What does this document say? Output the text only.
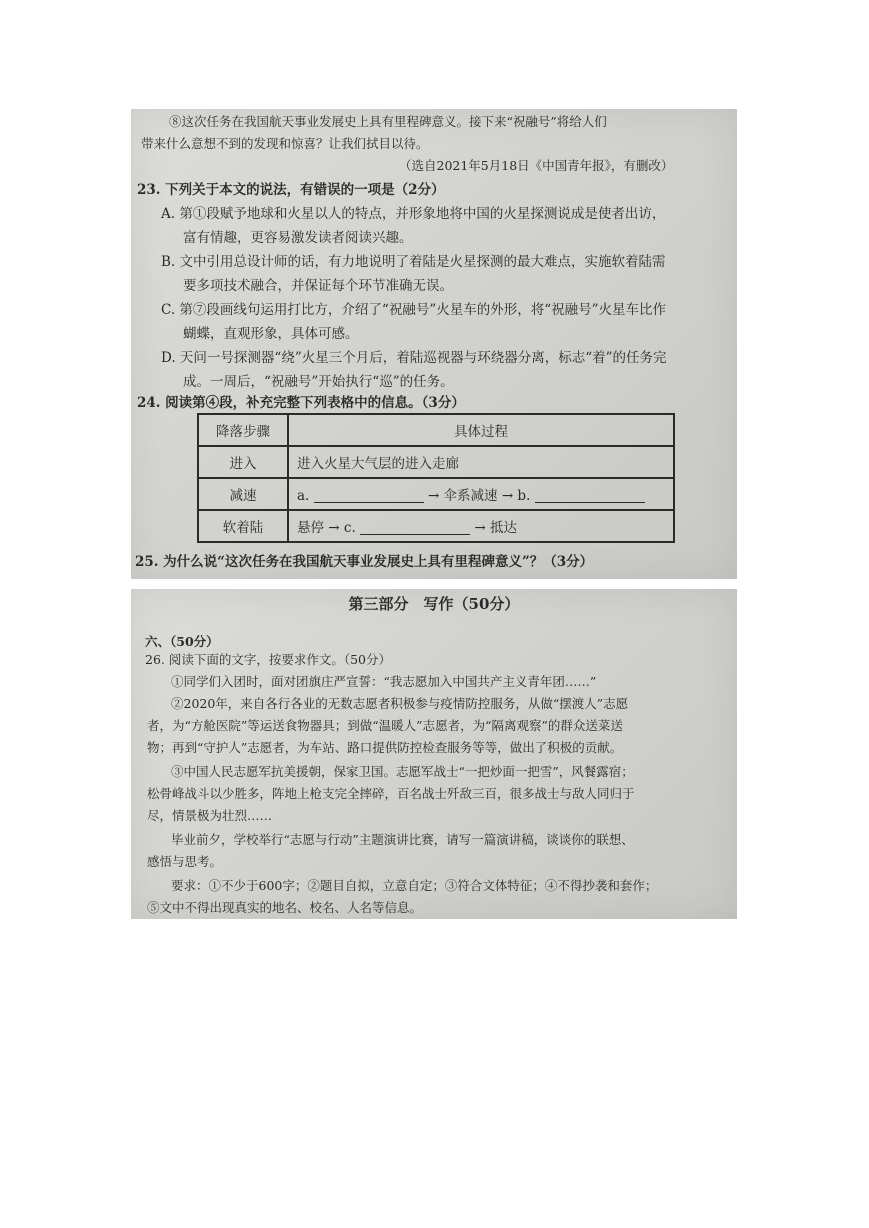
⑧这次任务在我国航天事业发展史上具有里程碑意义。接下来“祝融号”将给人们
带来什么意想不到的发现和惊喜？让我们拭目以待。
（选自2021年5月18日《中国青年报》，有删改）
23. 下列关于本文的说法，有错误的一项是（2分）
A. 第①段赋予地球和火星以人的特点，并形象地将中国的火星探测说成是使者出访，
富有情趣，更容易激发读者阅读兴趣。
B. 文中引用总设计师的话，有力地说明了着陆是火星探测的最大难点，实施软着陆需
要多项技术融合，并保证每个环节准确无误。
C. 第⑦段画线句运用打比方，介绍了“祝融号”火星车的外形，将“祝融号”火星车比作
蝴蝶，直观形象，具体可感。
D. 天问一号探测器“绕”火星三个月后，着陆巡视器与环绕器分离，标志“着”的任务完
成。一周后，“祝融号”开始执行“巡”的任务。
24. 阅读第④段，补充完整下列表格中的信息。（3分）
降落步骤	具体过程
进入	进入火星大气层的进入走廊
减速	a. → 伞系减速 → b.
软着陆	悬停 → c. → 抵达
25. 为什么说“这次任务在我国航天事业发展史上具有里程碑意义”？（3分）
第三部分　写作（50分）
六、（50分）
26. 阅读下面的文字，按要求作文。（50分）
①同学们入团时，面对团旗庄严宣誓：“我志愿加入中国共产主义青年团……”
②2020年，来自各行各业的无数志愿者积极参与疫情防控服务，从做“摆渡人”志愿
者，为“方舱医院”等运送食物器具；到做“温暖人”志愿者，为“隔离观察”的群众送菜送
物；再到“守护人”志愿者，为车站、路口提供防控检查服务等等，做出了积极的贡献。
③中国人民志愿军抗美援朝，保家卫国。志愿军战士“一把炒面一把雪”，风餐露宿；
松骨峰战斗以少胜多，阵地上枪支完全摔碎，百名战士歼敌三百，很多战士与敌人同归于
尽，情景极为壮烈……
毕业前夕，学校举行“志愿与行动”主题演讲比赛，请写一篇演讲稿，谈谈你的联想、
感悟与思考。
要求：①不少于600字；②题目自拟，立意自定；③符合文体特征；④不得抄袭和套作；
⑤文中不得出现真实的地名、校名、人名等信息。
